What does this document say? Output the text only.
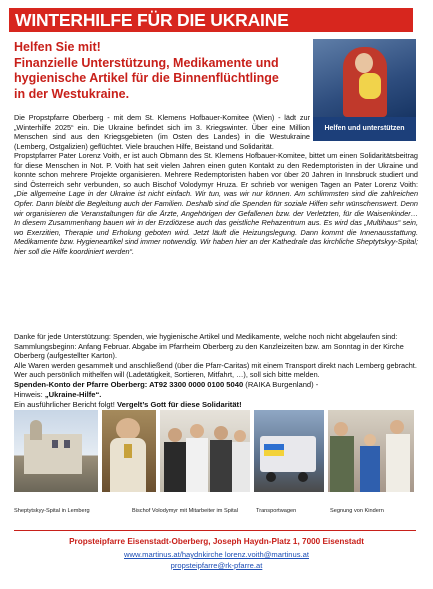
WINTERHILFE FÜR DIE UKRAINE
Helfen Sie mit!
Finanzielle Unterstützung, Medikamente und
hygienische Artikel für die Binnenflüchtlinge
in der Westukraine.
Helfen und unterstützen
Die Propstpfarre Oberberg - mit dem St. Klemens Hofbauer-Komitee (Wien) - lädt zur „Winterhilfe 2025“ ein. Die Ukraine befindet sich im 3. Kriegswinter. Über eine Million Menschen sind aus den Kriegsgebieten (im Osten des Landes) in die Westukraine (Lemberg, Ostgalizien) geflüchtet. Viele brauchen Hilfe, Beistand und Solidarität.
Propstpfarrer Pater Lorenz Voith, er ist auch Obmann des St. Klemens Hofbauer-Komitee, bittet um einen Solidaritätsbeitrag für diese Menschen in Not. P. Voith hat seit vielen Jahren einen guten Kontakt zu den Redemptoristen in der Ukraine und konnte schon mehrere Projekte organisieren. Mehrere Redemptoristen haben vor über 20 Jahren in Innsbruck studiert und sind Österreich sehr verbunden, so auch Bischof Volodymyr Hruza. Er schrieb vor wenigen Tagen an Pater Lorenz Voith: „Die allgemeine Lage in der Ukraine ist nicht einfach. Wir tun, was wir nur können. Am schlimmsten sind die zahlreichen Opfer. Dann bleibt die Begleitung auch der Familien. Deshalb sind die Spenden für soziale Hilfen sehr wünschenswert. Denn wir organisieren die Veranstaltungen für die Ärzte, Angehörigen der Gefallenen bzw. der Verletzten, für die Waisenkinder… In diesem Zusammenhang bauen wir in der Erzdiözese auch das geistliche Rehazentrum aus. Es wird das „Multihaus“ sein, wo Exerzitien, Therapie und Erholung geboten wird. Jetzt läuft die Heizungslegung. Dann kommt die Innenausstattung. Medikamente bzw. Hygieneartikel sind immer notwendig. Wir haben hier an der Kathedrale das kirchliche Sheptytskyy-Spital; hier soll die Hilfe koordiniert werden“.
Danke für jede Unterstützung: Spenden, wie hygienische Artikel und Medikamente, welche noch nicht abgelaufen sind: Sammlungsbeginn: Anfang Februar. Abgabe im Pfarrheim Oberberg zu den Kanzleizeiten bzw. am Sonntag in der Kirche Oberberg (aufgestellter Karton).
Alle Waren werden gesammelt und anschließend (über die Pfarr-Caritas) mit einem Transport direkt nach Lemberg gebracht. Wer auch persönlich mithelfen will (Ladetätigkeit, Sortieren, Mitfahrt, …), soll sich bitte melden.
Spenden-Konto der Pfarre Oberberg: AT92 3300 0000 0100 5040 (RAIKA Burgenland) -
Hinweis: „Ukraine-Hilfe“.
Ein ausführlicher Bericht folgt! Vergelt’s Gott für diese Solidarität!
Sheptytskyy-Spital in Lemberg	Bischof Volodymyr mit Mitarbeiter im Spital	Transportwagen	Segnung von Kindern
Propsteipfarre Eisenstadt-Oberberg, Joseph Haydn-Platz 1, 7000 Eisenstadt
www.martinus.at/haydnkirche lorenz.voith@martinus.at
propsteipfarre@rk-pfarre.at
